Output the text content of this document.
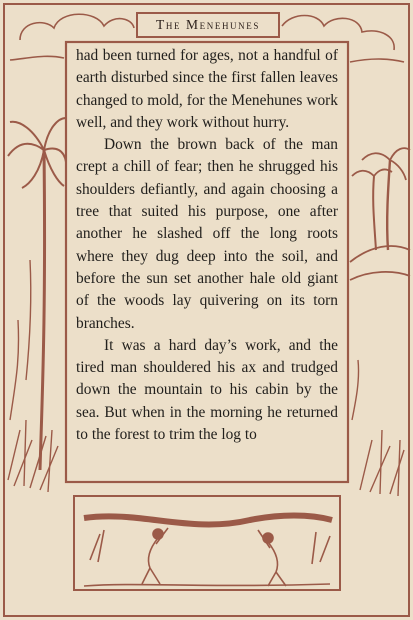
The Menehunes

had been turned for ages, not a handful of earth disturbed since the first fallen leaves changed to mold, for the Menehunes work well, and they work without hurry.

Down the brown back of the man crept a chill of fear; then he shrugged his shoulders defiantly, and again choosing a tree that suited his purpose, one after another he slashed off the long roots where they dug deep into the soil, and before the sun set another hale old giant of the woods lay quivering on its torn branches.

It was a hard day’s work, and the tired man shouldered his ax and trudged down the mountain to his cabin by the sea. But when in the morning he returned to the forest to trim the log to
